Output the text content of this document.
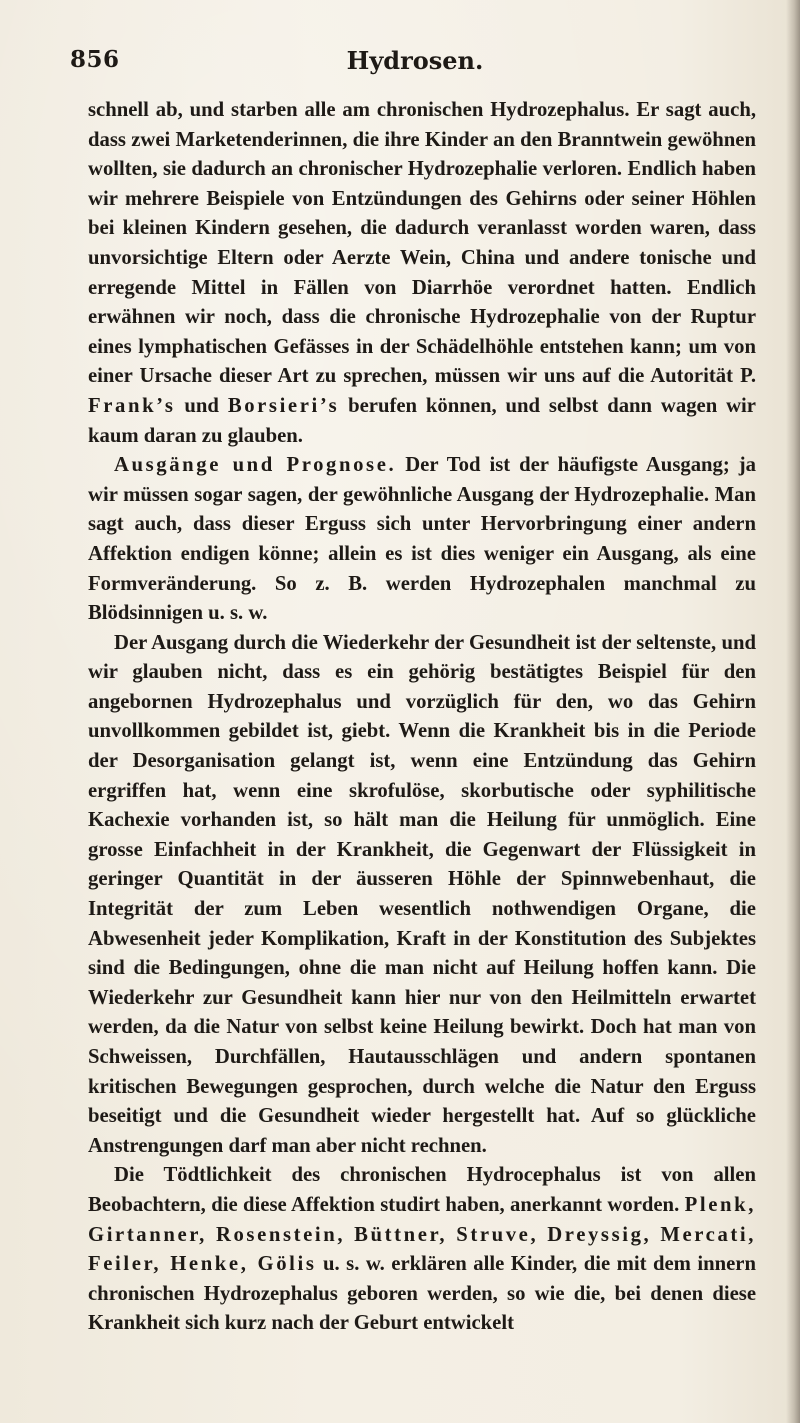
856	Hydrosen.

schnell ab, und starben alle am chronischen Hydrozephalus. Er sagt auch, dass zwei Marketenderinnen, die ihre Kinder an den Branntwein gewöhnen wollten, sie dadurch an chronischer Hydrozephalie verloren. Endlich haben wir mehrere Beispiele von Entzündungen des Gehirns oder seiner Höhlen bei kleinen Kindern gesehen, die dadurch veranlasst worden waren, dass unvorsichtige Eltern oder Aerzte Wein, China und andere tonische und erregende Mittel in Fällen von Diarrhöe verordnet hatten. Endlich erwähnen wir noch, dass die chronische Hydrozephalie von der Ruptur eines lymphatischen Gefässes in der Schädelhöhle entstehen kann; um von einer Ursache dieser Art zu sprechen, müssen wir uns auf die Autorität P. Frank’s und Borsieri’s berufen können, und selbst dann wagen wir kaum daran zu glauben.

Ausgänge und Prognose. Der Tod ist der häufigste Ausgang; ja wir müssen sogar sagen, der gewöhnliche Ausgang der Hydrozephalie. Man sagt auch, dass dieser Erguss sich unter Hervorbringung einer andern Affektion endigen könne; allein es ist dies weniger ein Ausgang, als eine Formveränderung. So z. B. werden Hydrozephalen manchmal zu Blödsinnigen u. s. w.

Der Ausgang durch die Wiederkehr der Gesundheit ist der seltenste, und wir glauben nicht, dass es ein gehörig bestätigtes Beispiel für den angebornen Hydrozephalus und vorzüglich für den, wo das Gehirn unvollkommen gebildet ist, giebt. Wenn die Krankheit bis in die Periode der Desorganisation gelangt ist, wenn eine Entzündung das Gehirn ergriffen hat, wenn eine skrofulöse, skorbutische oder syphilitische Kachexie vorhanden ist, so hält man die Heilung für unmöglich. Eine grosse Einfachheit in der Krankheit, die Gegenwart der Flüssigkeit in geringer Quantität in der äusseren Höhle der Spinnwebenhaut, die Integrität der zum Leben wesentlich nothwendigen Organe, die Abwesenheit jeder Komplikation, Kraft in der Konstitution des Subjektes sind die Bedingungen, ohne die man nicht auf Heilung hoffen kann. Die Wiederkehr zur Gesundheit kann hier nur von den Heilmitteln erwartet werden, da die Natur von selbst keine Heilung bewirkt. Doch hat man von Schweissen, Durchfällen, Hautausschlägen und andern spontanen kritischen Bewegungen gesprochen, durch welche die Natur den Erguss beseitigt und die Gesundheit wieder hergestellt hat. Auf so glückliche Anstrengungen darf man aber nicht rechnen.

Die Tödtlichkeit des chronischen Hydrocephalus ist von allen Beobachtern, die diese Affektion studirt haben, anerkannt worden. Plenk, Girtanner, Rosenstein, Büttner, Struve, Dreyssig, Mercati, Feiler, Henke, Gölis u. s. w. erklären alle Kinder, die mit dem innern chronischen Hydrozephalus geboren werden, so wie die, bei denen diese Krankheit sich kurz nach der Geburt entwickelt
